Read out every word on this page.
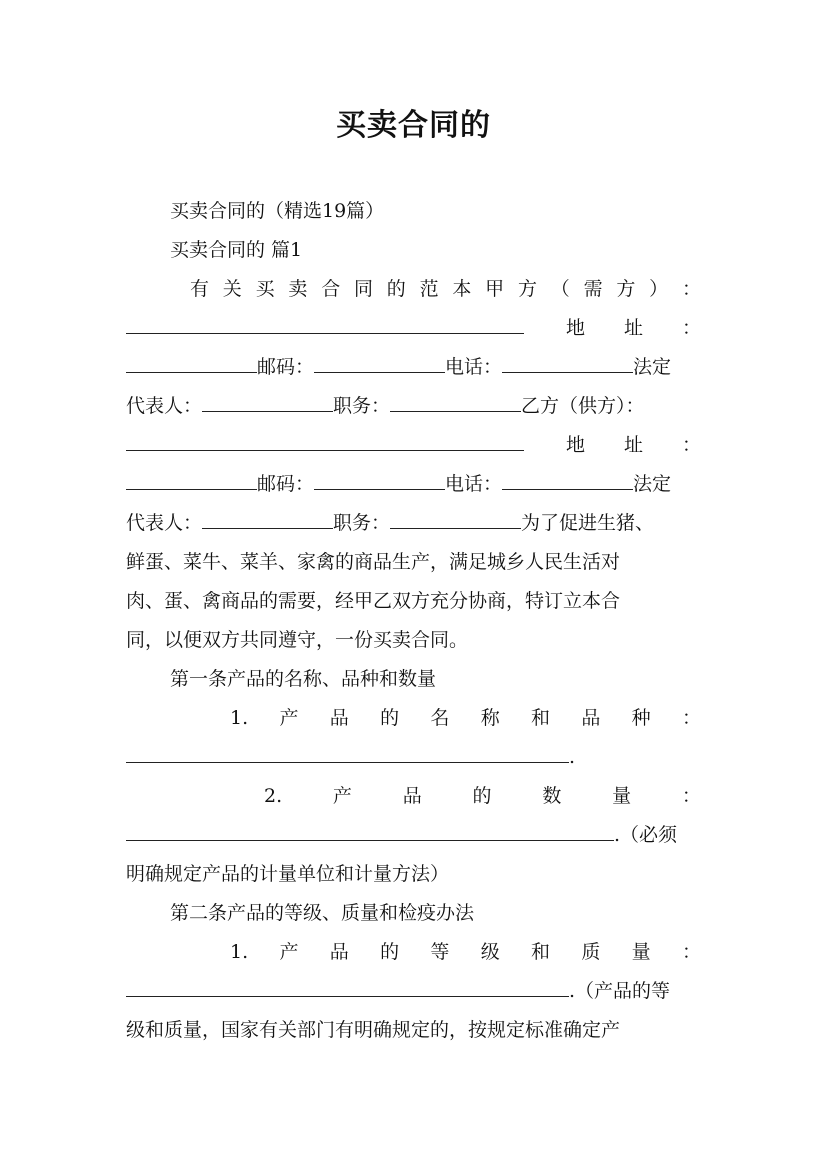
买卖合同的
买卖合同的（精选19篇）
买卖合同的 篇1
有 关 买 卖 合 同 的 范 本 甲 方 （ 需 方 ） ：
地 址 ：
邮码：	电话：	法定
代表人：	职务：	乙方（供方）：
地 址 ：
邮码：	电话：	法定
代表人：	职务：	为了促进生猪、
鲜蛋、菜牛、菜羊、家禽的商品生产，满足城乡人民生活对
肉、蛋、禽商品的需要，经甲乙双方充分协商，特订立本合
同，以便双方共同遵守，一份买卖合同。
第一条产品的名称、品种和数量
1. 产 品 的 名 称 和 品 种 ：
.
2.	产	品	的	数	量	：
.（必须
明确规定产品的计量单位和计量方法）
第二条产品的等级、质量和检疫办法
1. 产 品 的 等 级 和 质 量 ：
.（产品的等
级和质量，国家有关部门有明确规定的，按规定标准确定产
